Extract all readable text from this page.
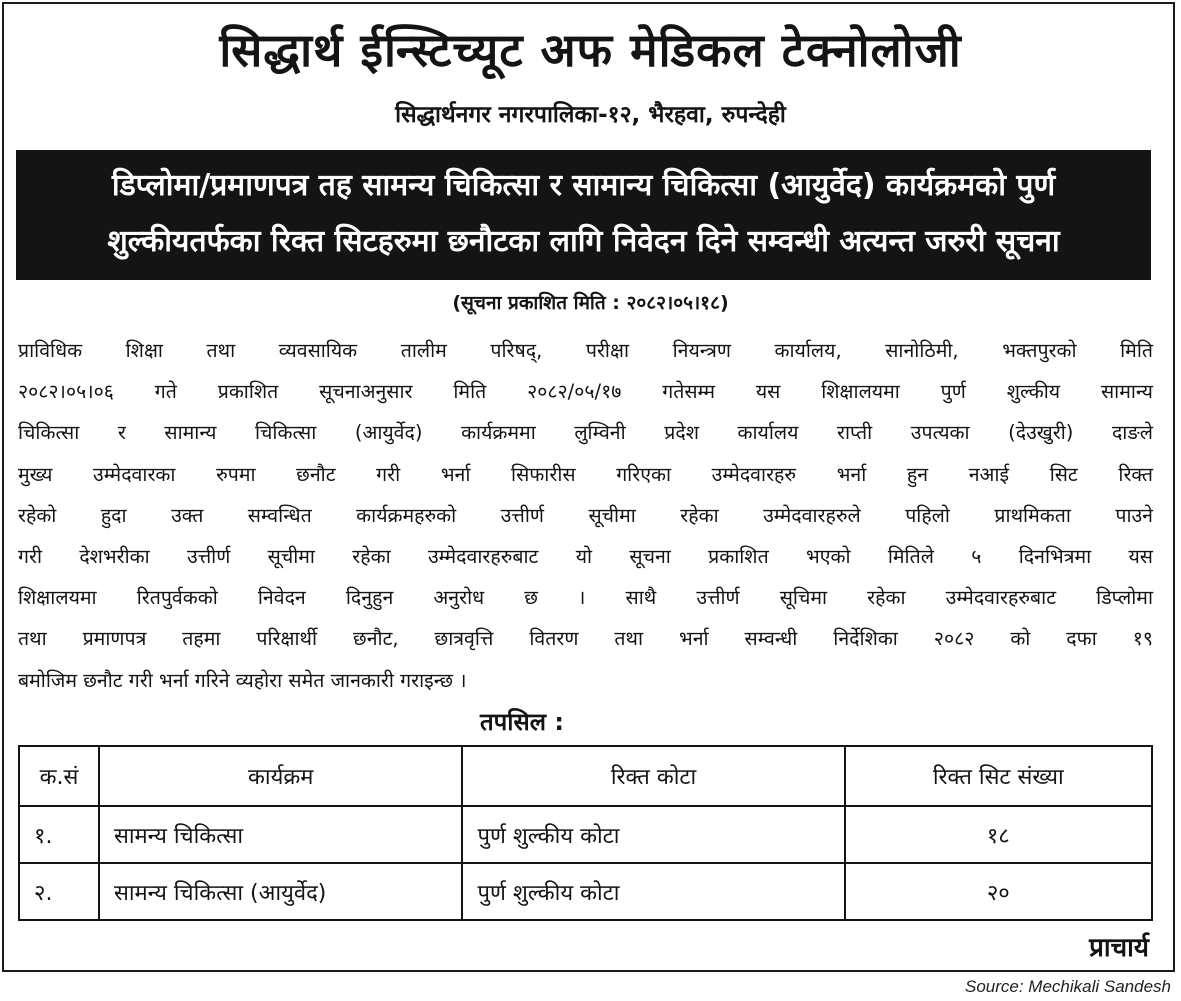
सिद्धार्थ ईन्स्टिच्यूट अफ मेडिकल टेक्नोलोजी
सिद्धार्थनगर नगरपालिका-१२, भैरहवा, रुपन्देही
डिप्लोमा/प्रमाणपत्र तह सामन्य चिकित्सा र सामान्य चिकित्सा (आयुर्वेद) कार्यक्रमको पुर्ण
शुल्कीयतर्फका रिक्त सिटहरुमा छनौटका लागि निवेदन दिने सम्वन्धी अत्यन्त जरुरी सूचना
(सूचना प्रकाशित मिति : २०८२।०५।१८)

प्राविधिक शिक्षा तथा व्यवसायिक तालीम परिषद्, परीक्षा नियन्त्रण कार्यालय, सानोठिमी, भक्तपुरको मिति
२०८२।०५।०६ गते प्रकाशित सूचनाअनुसार मिति २०८२/०५/१७ गतेसम्म यस शिक्षालयमा पुर्ण शुल्कीय सामान्य
चिकित्सा र सामान्य चिकित्सा (आयुर्वेद) कार्यक्रममा लुम्विनी प्रदेश कार्यालय राप्ती उपत्यका (देउखुरी) दाङले
मुख्य उम्मेदवारका रुपमा छनौट गरी भर्ना सिफारीस गरिएका उम्मेदवारहरु भर्ना हुन नआई सिट रिक्त
रहेको हुदा उक्त सम्वन्धित कार्यक्रमहरुको उत्तीर्ण सूचीमा रहेका उम्मेदवारहरुले पहिलो प्राथमिकता पाउने
गरी देशभरीका उत्तीर्ण सूचीमा रहेका उम्मेदवारहरुबाट यो सूचना प्रकाशित भएको मितिले ५ दिनभित्रमा यस
शिक्षालयमा रितपुर्वकको निवेदन दिनुहुन अनुरोध छ । साथै उत्तीर्ण सूचिमा रहेका उम्मेदवारहरुबाट डिप्लोमा
तथा प्रमाणपत्र तहमा परिक्षार्थी छनौट, छात्रवृत्ति वितरण तथा भर्ना सम्वन्धी निर्देशिका २०८२ को दफा १९
बमोजिम छनौट गरी भर्ना गरिने व्यहोरा समेत जानकारी गराइन्छ ।

तपसिल :
क.सं	कार्यक्रम	रिक्त कोटा	रिक्त सिट संख्या
१.	सामन्य चिकित्सा	पुर्ण शुल्कीय कोटा	१८
२.	सामन्य चिकित्सा (आयुर्वेद)	पुर्ण शुल्कीय कोटा	२०
प्राचार्य
Source: Mechikali Sandesh
